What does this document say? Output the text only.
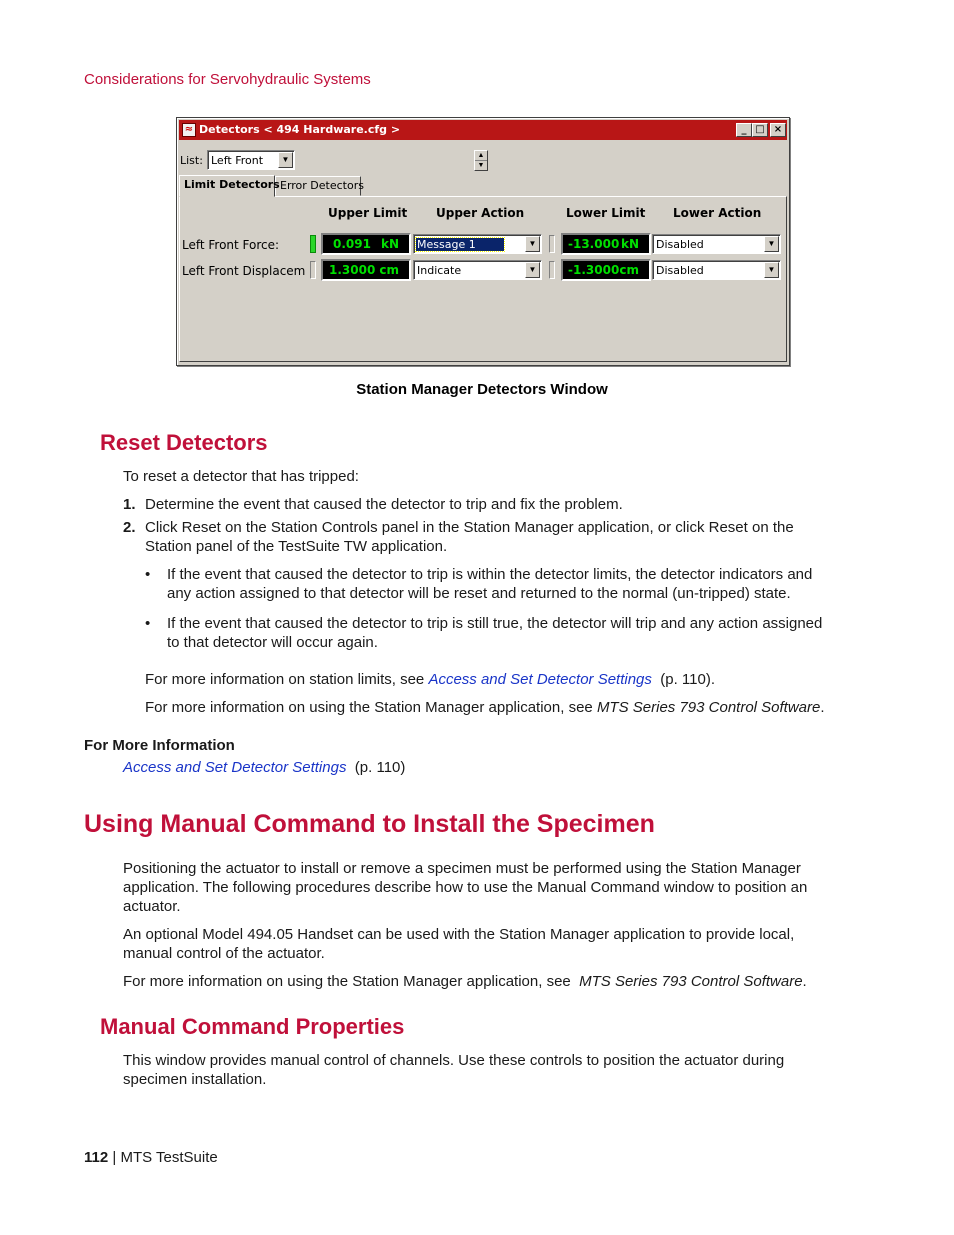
Considerations for Servohydraulic Systems
≈ Detectors < 494 Hardware.cfg >	_ □ ×
List: Left Front	▼	▲
▼
Limit Detectors Error Detectors
Upper Limit Upper Action	Lower Limit Lower Action
Left Front Force:	0.091 kN Message 1	▼	-13.000 kN Disabled	▼
Left Front Displacem 1.3000 cm Indicate	▼	-1.3000 cm Disabled	▼
Station Manager Detectors Window
Reset Detectors
To reset a detector that has tripped:
1. Determine the event that caused the detector to trip and fix the problem.
2. Click Reset on the Station Controls panel in the Station Manager application, or click Reset on the
Station panel of the TestSuite TW application.
• If the event that caused the detector to trip is within the detector limits, the detector indicators and
any action assigned to that detector will be reset and returned to the normal (un-tripped) state.
• If the event that caused the detector to trip is still true, the detector will trip and any action assigned
to that detector will occur again.
For more information on station limits, see Access and Set Detector Settings (p. 110).
For more information on using the Station Manager application, see MTS Series 793 Control Software.
For More Information
Access and Set Detector Settings (p. 110)
Using Manual Command to Install the Specimen
Positioning the actuator to install or remove a specimen must be performed using the Station Manager
application. The following procedures describe how to use the Manual Command window to position an
actuator.
An optional Model 494.05 Handset can be used with the Station Manager application to provide local,
manual control of the actuator.
For more information on using the Station Manager application, see MTS Series 793 Control Software.
Manual Command Properties
This window provides manual control of channels. Use these controls to position the actuator during
specimen installation.
112 | MTS TestSuite
